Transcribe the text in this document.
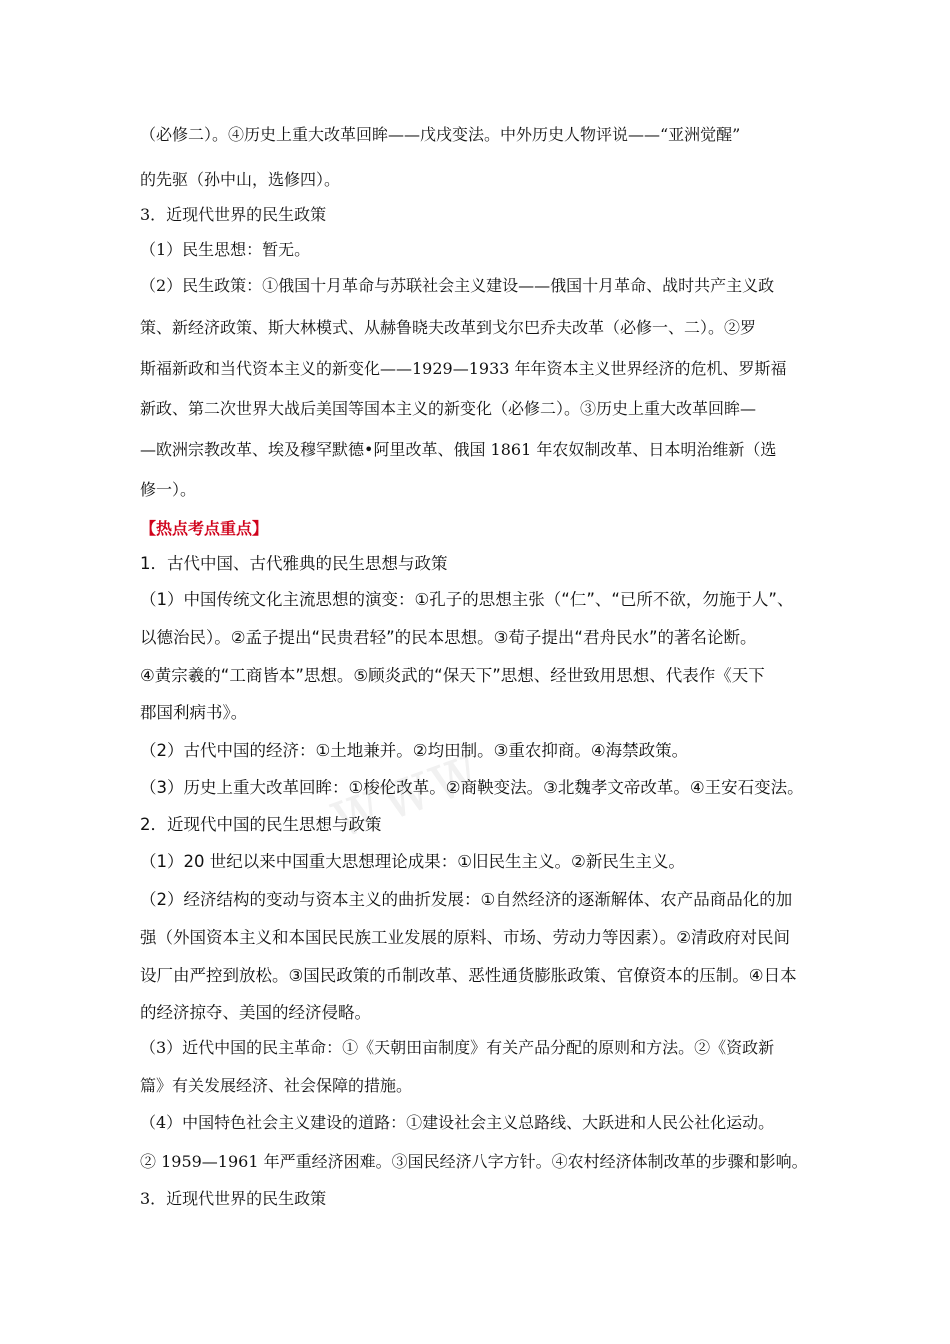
ＷＷＷ
（必修二）。④历史上重大改革回眸——戊戌变法。中外历史人物评说——“亚洲觉醒”
的先驱（孙中山，选修四）。
3．近现代世界的民生政策
（1）民生思想：暂无。
（2）民生政策：①俄国十月革命与苏联社会主义建设——俄国十月革命、战时共产主义政
策、新经济政策、斯大林模式、从赫鲁晓夫改革到戈尔巴乔夫改革（必修一、二）。②罗
斯福新政和当代资本主义的新变化——1929—1933 年年资本主义世界经济的危机、罗斯福
新政、第二次世界大战后美国等国本主义的新变化（必修二）。③历史上重大改革回眸—
—欧洲宗教改革、埃及穆罕默德•阿里改革、俄国 1861 年农奴制改革、日本明治维新（选
修一）。
【热点考点重点】
1．古代中国、古代雅典的民生思想与政策
（1）中国传统文化主流思想的演变：①孔子的思想主张（“仁”、“已所不欲，勿施于人”、
以德治民）。②孟子提出“民贵君轻”的民本思想。③荀子提出“君舟民水”的著名论断。
④黄宗羲的“工商皆本”思想。⑤顾炎武的“保天下”思想、经世致用思想、代表作《天下
郡国利病书》。
（2）古代中国的经济：①土地兼并。②均田制。③重农抑商。④海禁政策。
（3）历史上重大改革回眸：①梭伦改革。②商鞅变法。③北魏孝文帝改革。④王安石变法。
2．近现代中国的民生思想与政策
（1）20 世纪以来中国重大思想理论成果：①旧民生主义。②新民生主义。
（2）经济结构的变动与资本主义的曲折发展：①自然经济的逐渐解体、农产品商品化的加
强（外国资本主义和本国民民族工业发展的原料、市场、劳动力等因素）。②清政府对民间
设厂由严控到放松。③国民政策的币制改革、恶性通货膨胀政策、官僚资本的压制。④日本
的经济掠夺、美国的经济侵略。
（3）近代中国的民主革命：①《天朝田亩制度》有关产品分配的原则和方法。②《资政新
篇》有关发展经济、社会保障的措施。
（4）中国特色社会主义建设的道路：①建设社会主义总路线、大跃进和人民公社化运动。
② 1959—1961 年严重经济困难。③国民经济八字方针。④农村经济体制改革的步骤和影响。
3．近现代世界的民生政策
